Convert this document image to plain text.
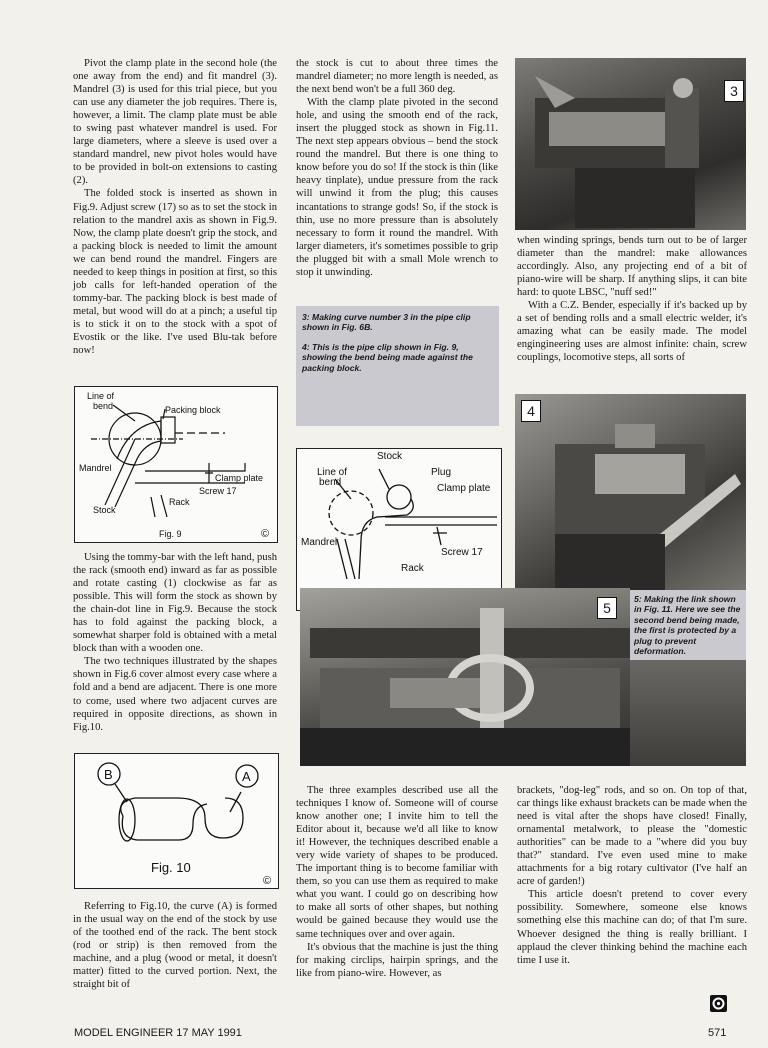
Pivot the clamp plate in the second hole (the one away from the end) and fit mandrel (3). Mandrel (3) is used for this trial piece, but you can use any diameter the job requires. There is, however, a limit. The clamp plate must be able to swing past whatever mandrel is used. For large diameters, where a sleeve is used over a standard mandrel, new pivot holes would have to be provided in bolt-on extensions to casting (2).

The folded stock is inserted as shown in Fig.9. Adjust screw (17) so as to set the stock in relation to the mandrel axis as shown in Fig.9. Now, the clamp plate doesn't grip the stock, and a packing block is needed to limit the amount we can bend round the mandrel. Fingers are needed to keep things in position at first, so this job calls for left-handed operation of the tommy-bar. The packing block is best made of metal, but wood will do at a pinch; a useful tip is to stick it on to the stock with a spot of Evostik or the like. I've used Blu-tak before now!

Line of
bend	Packing block
Mandrel
Clamp plate
Screw 17
Rack
Stock
Fig. 9	©

Using the tommy-bar with the left hand, push the rack (smooth end) inward as far as possible and rotate casting (1) clockwise as far as possible. This will form the stock as shown by the chain-dot line in Fig.9. Because the stock has to fold against the packing block, a somewhat sharper fold is obtained with a metal block than with a wooden one.

The two techniques illustrated by the shapes shown in Fig.6 cover almost every case where a fold and a bend are adjacent. There is one more to come, used where two adjacent curves are required in opposite directions, as shown in Fig.10.

B	A
Fig. 10
©

Referring to Fig.10, the curve (A) is formed in the usual way on the end of the stock by use of the toothed end of the rack. The bent stock (rod or strip) is then removed from the machine, and a plug (wood or metal, it doesn't matter) fitted to the curved portion. Next, the straight bit of

the stock is cut to about three times the mandrel diameter; no more length is needed, as the next bend won't be a full 360 deg.

With the clamp plate pivoted in the second hole, and using the smooth end of the rack, insert the plugged stock as shown in Fig.11. The next step appears obvious – bend the stock round the mandrel. But there is one thing to know before you do so! If the stock is thin (like heavy tinplate), undue pressure from the rack will unwind it from the plug; this causes incantations to strange gods! So, if the stock is thin, use no more pressure than is absolutely necessary to form it round the mandrel. With larger diameters, it's sometimes possible to grip the plugged bit with a small Mole wrench to stop it unwinding.

3: Making curve number 3 in the pipe clip shown in Fig. 6B.

4: This is the pipe clip shown in Fig. 9, showing the bend being made against the packing block.

Stock
Line of
bend
Plug
Clamp plate
Mandrel
Screw 17
Rack

The three examples described use all the techniques I know of. Someone will of course know another one; I invite him to tell the Editor about it, because we'd all like to know it! However, the techniques described enable a very wide variety of shapes to be produced. The important thing is to become familiar with them, so you can use them as required to make what you want. I could go on describing how to make all sorts of other shapes, but nothing would be gained because they would use the same techniques over and over again.

It's obvious that the machine is just the thing for making circlips, hairpin springs, and the like from piano-wire. However, as

3

when winding springs, bends turn out to be of larger diameter than the mandrel: make allowances accordingly. Also, any projecting end of a bit of piano-wire will be sharp. If anything slips, it can bite hard: to quote LBSC, "nuff sed!"

With a C.Z. Bender, especially if it's backed up by a set of bending rolls and a small electric welder, it's amazing what can be easily made. The model engingineering uses are almost infinite: chain, screw couplings, locomotive steps, all sorts of

4
5

5: Making the link shown in Fig. 11. Here we see the second bend being made, the first is protected by a plug to prevent deformation.

brackets, "dog-leg" rods, and so on. On top of that, car things like exhaust brackets can be made when the need is vital after the shops have closed! Finally, ornamental metalwork, to please the "domestic authorities" can be made to a "where did you buy that?" standard. I've even used mine to make attachments for a big rotary cultivator (I've half an acre of garden!)

This article doesn't pretend to cover every possibility. Somewhere, someone else knows something else this machine can do; of that I'm sure. Whoever designed the thing is really brilliant. I applaud the clever thinking behind the machine each time I use it.

MODEL ENGINEER 17 MAY 1991	571
